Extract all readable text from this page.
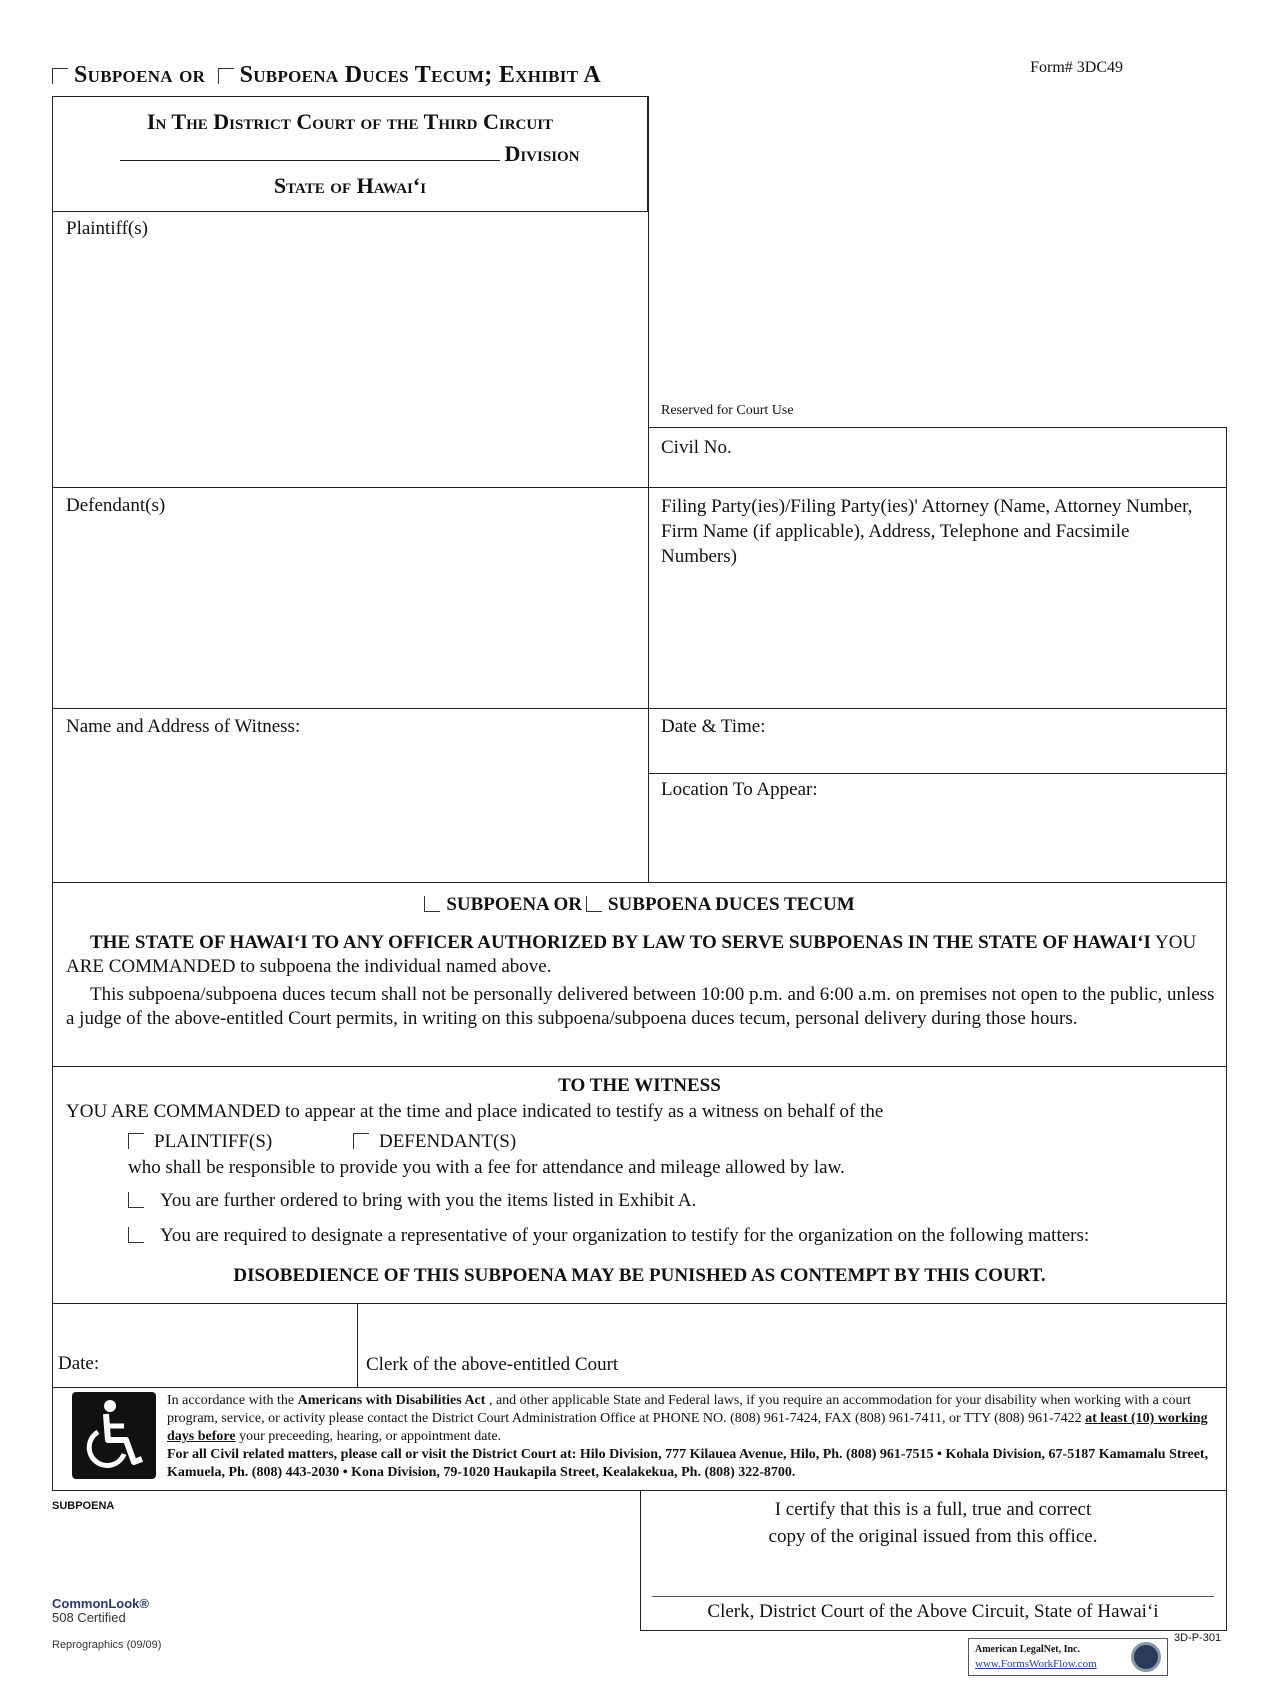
Subpoena or Subpoena Duces Tecum; Exhibit A	Form# 3DC49
In The District Court of the Third Circuit
Division
State of Hawai‘i
Plaintiff(s)
Defendant(s)
Reserved for Court Use
Civil No.
Filing Party(ies)/Filing Party(ies)' Attorney (Name, Attorney Number, Firm Name (if applicable), Address, Telephone and Facsimile Numbers)
Name and Address of Witness:	Date & Time:
Location To Appear:
SUBPOENA OR SUBPOENA DUCES TECUM
THE STATE OF HAWAI‘I TO ANY OFFICER AUTHORIZED BY LAW TO SERVE SUBPOENAS IN THE STATE OF HAWAI‘I YOU ARE COMMANDED to subpoena the individual named above.
This subpoena/subpoena duces tecum shall not be personally delivered between 10:00 p.m. and 6:00 a.m. on premises not open to the public, unless a judge of the above-entitled Court permits, in writing on this subpoena/subpoena duces tecum, personal delivery during those hours.
TO THE WITNESS
YOU ARE COMMANDED to appear at the time and place indicated to testify as a witness on behalf of the
PLAINTIFF(S)	DEFENDANT(S)
who shall be responsible to provide you with a fee for attendance and mileage allowed by law.
You are further ordered to bring with you the items listed in Exhibit A.
You are required to designate a representative of your organization to testify for the organization on the following matters:
DISOBEDIENCE OF THIS SUBPOENA MAY BE PUNISHED AS CONTEMPT BY THIS COURT.
Date:	Clerk of the above-entitled Court
In accordance with the Americans with Disabilities Act , and other applicable State and Federal laws, if you require an accommodation for your disability when working with a court program, service, or activity please contact the District Court Administration Office at PHONE NO. (808) 961-7424, FAX (808) 961-7411, or TTY (808) 961-7422 at least (10) working days before your preceeding, hearing, or appointment date.
For all Civil related matters, please call or visit the District Court at: Hilo Division, 777 Kilauea Avenue, Hilo, Ph. (808) 961-7515 • Kohala Division, 67-5187 Kamamalu Street, Kamuela, Ph. (808) 443-2030 • Kona Division, 79-1020 Haukapila Street, Kealakekua, Ph. (808) 322-8700.
SUBPOENA
CommonLook®
508 Certified
Reprographics (09/09)
I certify that this is a full, true and correct
copy of the original issued from this office.
Clerk, District Court of the Above Circuit, State of Hawai‘i
3D-P-301
American LegalNet, Inc.
www.FormsWorkFlow.com
